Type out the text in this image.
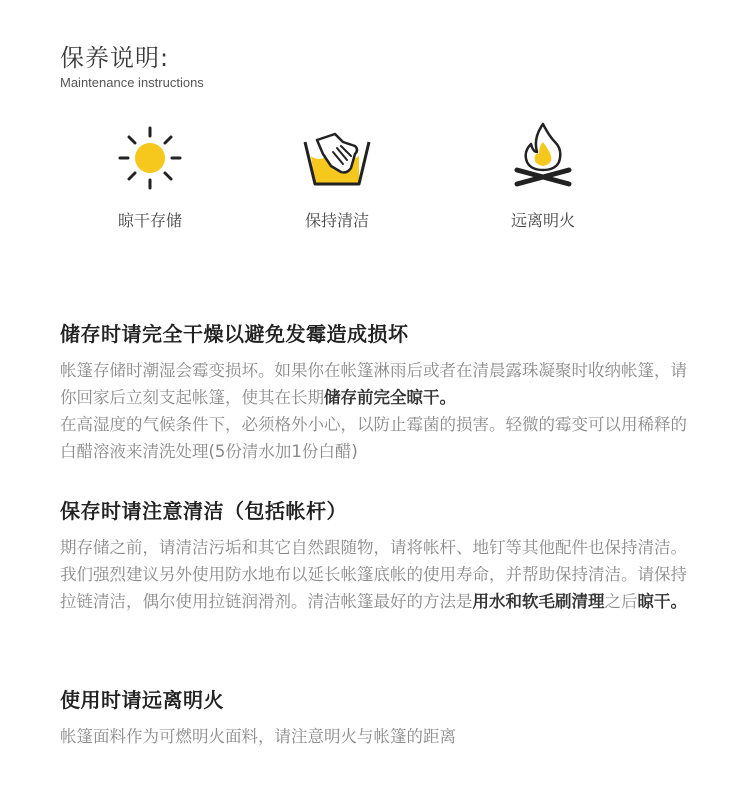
保养说明:
Maintenance instructions
晾干存储	保持清洁	远离明火
储存时请完全干燥以避免发霉造成损坏

帐篷存储时潮湿会霉变损坏。如果你在帐篷淋雨后或者在清晨露珠凝聚时收纳帐篷，请你回家后立刻支起帐篷，使其在长期储存前完全晾干。
在高湿度的气候条件下，必须格外小心，以防止霉菌的损害。轻微的霉变可以用稀释的白醋溶液来清洗处理(5份清水加1份白醋)

保存时请注意清洁（包括帐杆）

期存储之前，请清洁污垢和其它自然跟随物，请将帐杆、地钉等其他配件也保持清洁。我们强烈建议另外使用防水地布以延长帐篷底帐的使用寿命，并帮助保持清洁。请保持拉链清洁，偶尔使用拉链润滑剂。清洁帐篷最好的方法是用水和软毛刷清理之后晾干。

使用时请远离明火

帐篷面料作为可燃明火面料，请注意明火与帐篷的距离
